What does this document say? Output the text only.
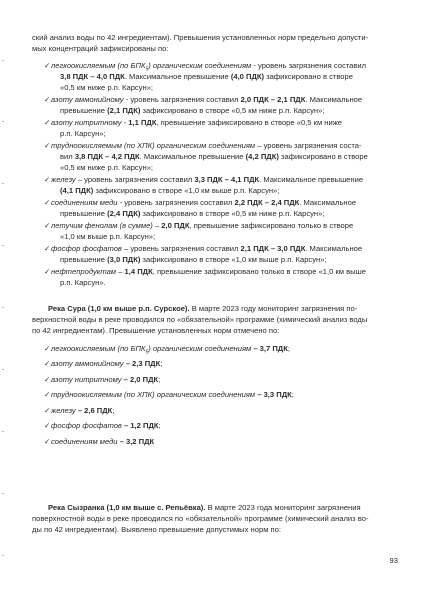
ский анализ воды по 42 ингредиентам). Превышения установленных норм предельно допусти-
мых концентраций зафиксированы по:
✓ легкоокисляемым (по $БПК_5$) органическим соединениям - уровень загрязнения составил
3,8 ПДК – 4,0 ПДК. Максимальное превышение (4,0 ПДК) зафиксировано в створе
«0,5 км ниже р.п. Карсун»;
✓ азоту аммонийному - уровень загрязнения составил 2,0 ПДК – 2,1 ПДК. Максимальное
превышение (2,1 ПДК) зафиксировано в створе «0,5 км ниже р.п. Карсун»;
✓ азоту нитритному - 1,1 ПДК, превышение зафиксировано в створе «0,5 км ниже
р.п. Карсун»;
✓ трудноокисляемым (по ХПК) органическим соединениям – уровень загрязнения соста-
вил 3,8 ПДК – 4,2 ПДК. Максимальное превышение (4,2 ПДК) зафиксировано в створе
«0,5 км ниже р.п. Карсун»;
✓ железу – уровень загрязнения составил 3,3 ПДК – 4,1 ПДК. Максимальное превышение
(4,1 ПДК) зафиксировано в створе «1,0 км выше р.п. Карсун»;
✓ соединениям меди - уровень загрязнения составил 2,2 ПДК – 2,4 ПДК. Максимальное
превышение (2,4 ПДК) зафиксировано в створе «0,5 км ниже р.п. Карсун»;
✓ летучим фенолам (в сумме) – 2,0 ПДК, превышение зафиксировано только в створе
«1,0 км выше р.п. Карсун»;
✓ фосфор фосфатов – уровень загрязнения составил 2,1 ПДК – 3,0 ПДК. Максимальное
превышение (3,0 ПДК) зафиксировано в створе «1,0 км выше р.п. Карсун»;
✓ нефтепродуктам – 1,4 ПДК, превышение зафиксировано только в створе «1,0 км выше
р.п. Карсун».
Река Сура (1,0 км выше р.п. Сурское). В марте 2023 году мониторинг загрязнения по-
верхностной воды в реке проводился по «обязательной» программе (химический анализ воды
по 42 ингредиентам). Превышение установленных норм отмечено по:
✓ легкоокисляемым (по $БПК_5$) органическим соединениям – 3,7 ПДК;
✓ азоту аммонийному – 2,3 ПДК;
✓ азоту нитритному – 2,0 ПДК;
✓ трудноокисляемым (по ХПК) органическим соединениям – 3,3 ПДК;
✓ железу – 2,6 ПДК;
✓ фосфор фосфатов – 1,2 ПДК;
✓ соединениям меди – 3,2 ПДК
Река Сызранка (1,0 км выше с. Репьёвка). В марте 2023 года мониторинг загрязнения
поверхностной воды в реке проводился по «обязательной» программе (химический анализ во-
ды по 42 ингредиентам). Выявлено превышение допустимых норм по:
93
